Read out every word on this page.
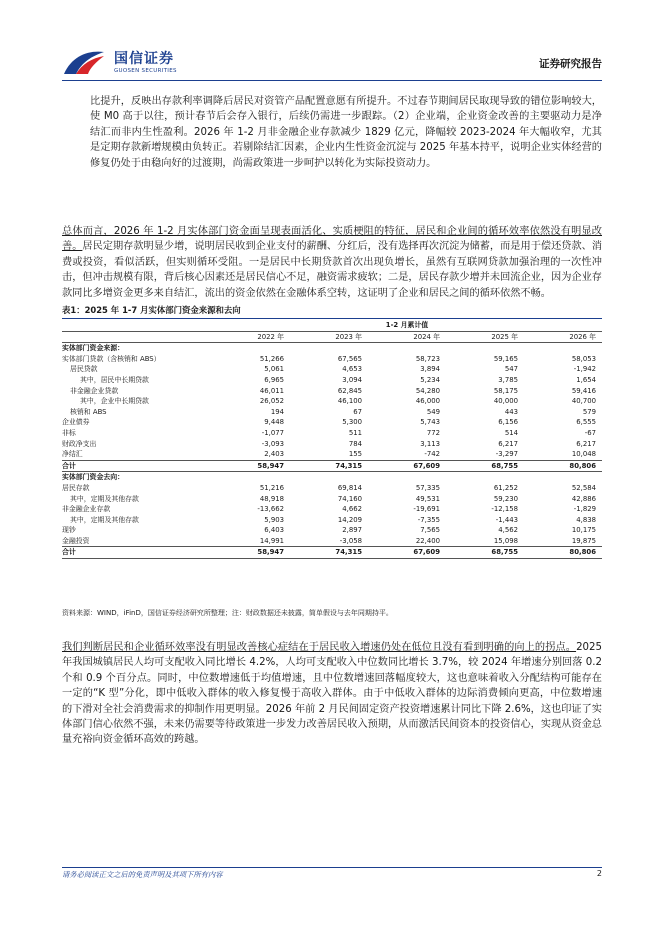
国信证券
GUOSEN SECURITIES
证券研究报告

比提升，反映出存款利率调降后居民对资管产品配置意愿有所提升。不过春节期间居民取现导致的错位影响较大，使 M0 高于以往，预计春节后会存入银行，后续仍需进一步跟踪。（2）企业端，企业资金改善的主要驱动力是净结汇而非内生性盈利。2026 年 1-2 月非金融企业存款减少 1829 亿元，降幅较 2023-2024 年大幅收窄，尤其是定期存款新增规模由负转正。若剔除结汇因素，企业内生性资金沉淀与 2025 年基本持平，说明企业实体经营的修复仍处于由稳向好的过渡期，尚需政策进一步呵护以转化为实际投资动力。

总体而言，2026 年 1-2 月实体部门资金面呈现表面活化、实质梗阻的特征，居民和企业间的循环效率依然没有明显改善。居民定期存款明显少增，说明居民收到企业支付的薪酬、分红后，没有选择再次沉淀为储蓄，而是用于偿还贷款、消费或投资，看似活跃，但实则循环受阻。一是居民中长期贷款首次出现负增长，虽然有互联网贷款加强治理的一次性冲击，但冲击规模有限，背后核心因素还是居民信心不足，融资需求疲软；二是，居民存款少增并未回流企业，因为企业存款同比多增资金更多来自结汇，流出的资金依然在金融体系空转，这证明了企业和居民之间的循环依然不畅。

表1：2025 年 1-7 月实体部门资金来源和去向
	1-2 月累计值				
	2022 年	2023 年	2024 年	2025 年	2026 年
实体部门资金来源：					
实体部门贷款（含核销和 ABS）	51,266	67,565	58,723	59,165	58,053
居民贷款	5,061	4,653	3,894	547	-1,942
其中，居民中长期贷款	6,965	3,094	5,234	3,785	1,654
非金融企业贷款	46,011	62,845	54,280	58,175	59,416
其中，企业中长期贷款	26,052	46,100	46,000	40,000	40,700
核销和 ABS	194	67	549	443	579
企业债券	9,448	5,300	5,743	6,156	6,555
非标	-1,077	511	772	514	-67
财政净支出	-3,093	784	3,113	6,217	6,217
净结汇	2,403	155	-742	-3,297	10,048
合计	58,947	74,315	67,609	68,755	80,806
实体部门资金去向：					
居民存款	51,216	69,814	57,335	61,252	52,584
其中，定期及其他存款	48,918	74,160	49,531	59,230	42,886
非金融企业存款	-13,662	4,662	-19,691	-12,158	-1,829
其中，定期及其他存款	5,903	14,209	-7,355	-1,443	4,838
现钞	6,403	2,897	7,565	4,562	10,175
金融投资	14,991	-3,058	22,400	15,098	19,875
合计	58,947	74,315	67,609	68,755	80,806
资料来源：WIND，iFinD，国信证券经济研究所整理；注：财政数据还未披露，简单假设与去年同期持平。

我们判断居民和企业循环效率没有明显改善核心症结在于居民收入增速仍处在低位且没有看到明确的向上的拐点。2025 年我国城镇居民人均可支配收入同比增长 4.2%，人均可支配收入中位数同比增长 3.7%，较 2024 年增速分别回落 0.2 个和 0.9 个百分点。同时，中位数增速低于均值增速，且中位数增速回落幅度较大，这也意味着收入分配结构可能存在一定的“K 型”分化，即中低收入群体的收入修复慢于高收入群体。由于中低收入群体的边际消费倾向更高，中位数增速的下滑对全社会消费需求的抑制作用更明显。2026 年前 2 月民间固定资产投资增速累计同比下降 2.6%，这也印证了实体部门信心依然不强，未来仍需要等待政策进一步发力改善居民收入预期，从而激活民间资本的投资信心，实现从资金总量充裕向资金循环高效的跨越。

请务必阅读正文之后的免责声明及其项下所有内容	2
